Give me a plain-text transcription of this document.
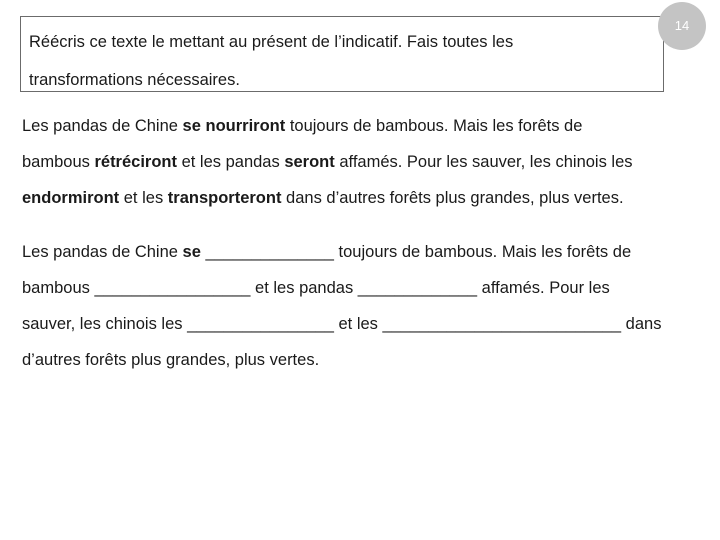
Réécris ce texte le mettant au présent de l’indicatif. Fais toutes les
transformations nécessaires.
14

Les pandas de Chine se nourriront toujours de bambous. Mais les forêts de
bambous rétréciront et les pandas seront affamés. Pour les sauver, les chinois les
endormiront et les transporteront dans d’autres forêts plus grandes, plus vertes.

Les pandas de Chine se ______________ toujours de bambous. Mais les forêts de
bambous _________________ et les pandas _____________ affamés. Pour les
sauver, les chinois les ________________ et les __________________________ dans
d’autres forêts plus grandes, plus vertes.
